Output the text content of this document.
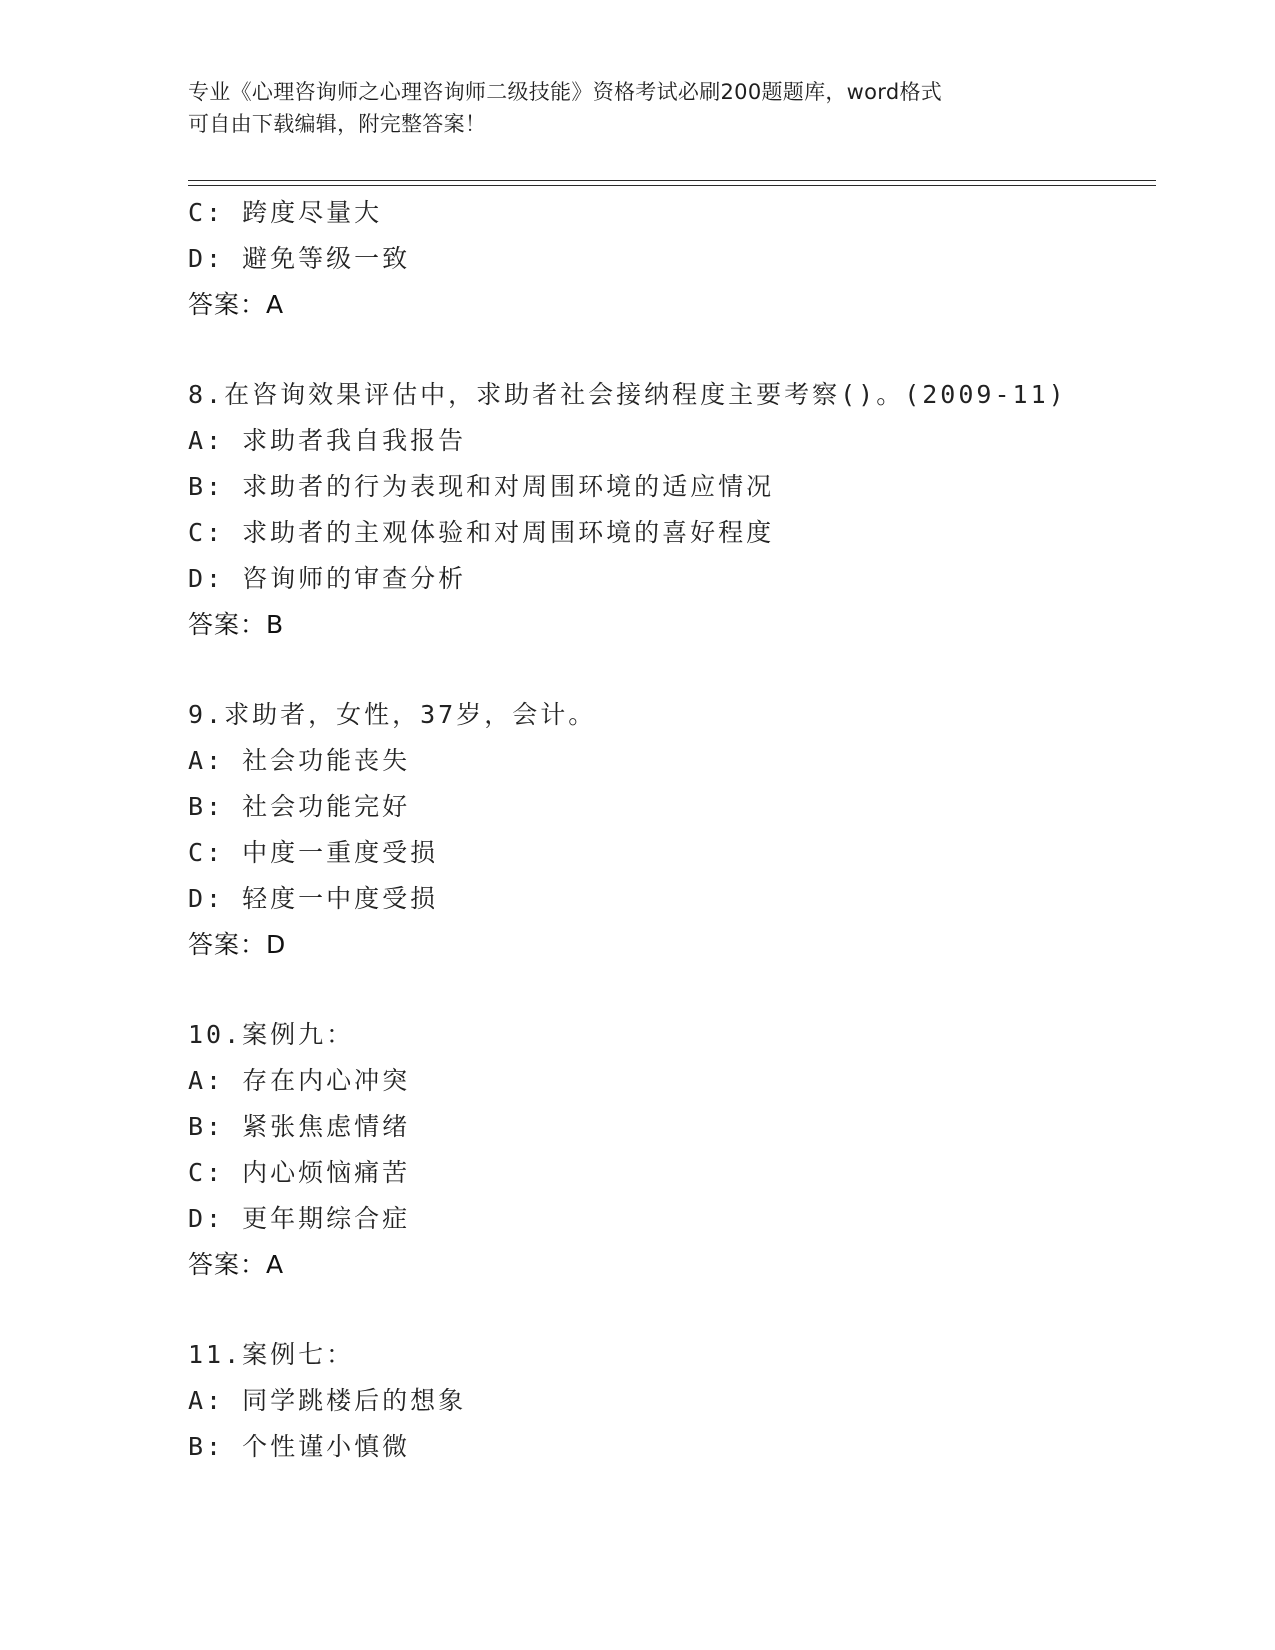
专业《心理咨询师之心理咨询师二级技能》资格考试必刷200题题库，word格式
可自由下载编辑，附完整答案！
C: 跨度尽量大
D: 避免等级一致
答案：A
8.在咨询效果评估中，求助者社会接纳程度主要考察()。(2009-11)
A: 求助者我自我报告
B: 求助者的行为表现和对周围环境的适应情况
C: 求助者的主观体验和对周围环境的喜好程度
D: 咨询师的审查分析
答案：B
9.求助者，女性，37岁，会计。
A: 社会功能丧失
B: 社会功能完好
C: 中度一重度受损
D: 轻度一中度受损
答案：D
10.案例九：
A: 存在内心冲突
B: 紧张焦虑情绪
C: 内心烦恼痛苦
D: 更年期综合症
答案：A
11.案例七：
A: 同学跳楼后的想象
B: 个性谨小慎微
